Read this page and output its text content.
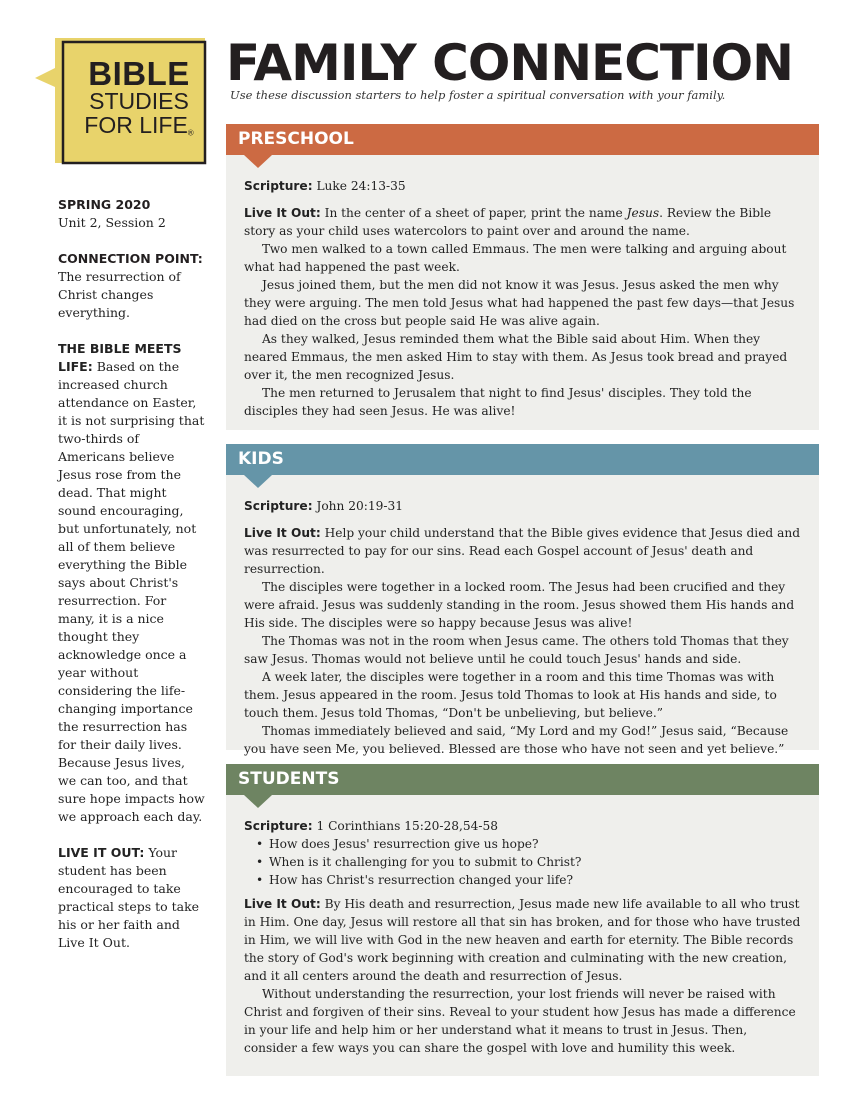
BIBLE
STUDIES
FOR LIFE®
FAMILY CONNECTION
Use these discussion starters to help foster a spiritual conversation with your family.
SPRING 2020
Unit 2, Session 2
CONNECTION POINT:
The resurrection of Christ changes everything.
THE BIBLE MEETS LIFE: Based on the increased church attendance on Easter, it is not surprising that two-thirds of Americans believe Jesus rose from the dead. That might sound encouraging, but unfortunately, not all of them believe everything the Bible says about Christ's resurrection. For many, it is a nice thought they acknowledge once a year without considering the life-changing importance the resurrection has for their daily lives. Because Jesus lives, we can too, and that sure hope impacts how we approach each day.
LIVE IT OUT: Your student has been encouraged to take practical steps to take his or her faith and Live It Out.
PRESCHOOL

Scripture: Luke 24:13-35

Live It Out: In the center of a sheet of paper, print the name Jesus. Review the Bible story as your child uses watercolors to paint over and around the name.

Two men walked to a town called Emmaus. The men were talking and arguing about what had happened the past week.

Jesus joined them, but the men did not know it was Jesus. Jesus asked the men why they were arguing. The men told Jesus what had happened the past few days—that Jesus had died on the cross but people said He was alive again.

As they walked, Jesus reminded them what the Bible said about Him. When they neared Emmaus, the men asked Him to stay with them. As Jesus took bread and prayed over it, the men recognized Jesus.

The men returned to Jerusalem that night to find Jesus' disciples. They told the disciples they had seen Jesus. He was alive!

KIDS

Scripture: John 20:19-31

Live It Out: Help your child understand that the Bible gives evidence that Jesus died and was resurrected to pay for our sins. Read each Gospel account of Jesus' death and resurrection.

The disciples were together in a locked room. The Jesus had been crucified and they were afraid. Jesus was suddenly standing in the room. Jesus showed them His hands and His side. The disciples were so happy because Jesus was alive!

The Thomas was not in the room when Jesus came. The others told Thomas that they saw Jesus. Thomas would not believe until he could touch Jesus' hands and side.

A week later, the disciples were together in a room and this time Thomas was with them. Jesus appeared in the room. Jesus told Thomas to look at His hands and side, to touch them. Jesus told Thomas, “Don't be unbelieving, but believe.”

Thomas immediately believed and said, “My Lord and my God!” Jesus said, “Because you have seen Me, you believed. Blessed are those who have not seen and yet believe.”

STUDENTS

Scripture: 1 Corinthians 15:20-28,54-58

• How does Jesus' resurrection give us hope?
• When is it challenging for you to submit to Christ?
• How has Christ's resurrection changed your life?

Live It Out: By His death and resurrection, Jesus made new life available to all who trust in Him. One day, Jesus will restore all that sin has broken, and for those who have trusted in Him, we will live with God in the new heaven and earth for eternity. The Bible records the story of God's work beginning with creation and culminating with the new creation, and it all centers around the death and resurrection of Jesus.

Without understanding the resurrection, your lost friends will never be raised with Christ and forgiven of their sins. Reveal to your student how Jesus has made a difference in your life and help him or her understand what it means to trust in Jesus. Then, consider a few ways you can share the gospel with love and humility this week.
